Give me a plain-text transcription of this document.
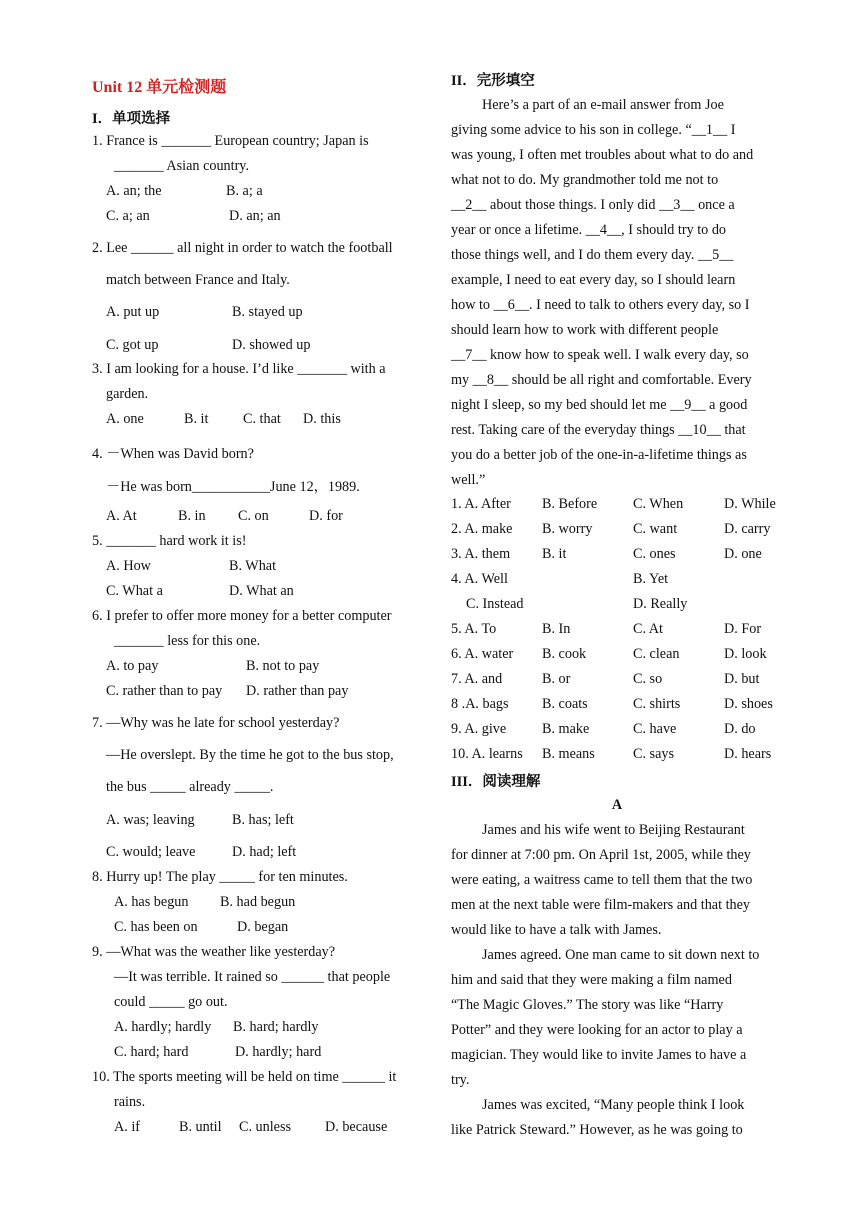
Unit 12 单元检测题
I．单项选择
1. France is _______ European country; Japan is
_______ Asian country.
A. an; the	B. a; a
C. a; an	D. an; an
2. Lee ______ all night in order to watch the football
match between France and Italy.
A. put up	B. stayed up
C. got up	D. showed up
3. I am looking for a house. I’d like _______ with a
garden.
A. one	B. it C. that D. this
4. －When was David born?
－He was born___________June 12，1989.
A. At	B. in C. on	D. for
5. _______ hard work it is!
A. How	B. What
C. What a	D. What an
6. I prefer to offer more money for a better computer
_______ less for this one.
A. to pay	B. not to pay
C. rather than to pay D. rather than pay
7. —Why was he late for school yesterday?
—He overslept. By the time he got to the bus stop,
the bus _____ already _____.
A. was; leaving	B. has; left
C. would; leave	D. had; left
8. Hurry up! The play _____ for ten minutes.
A. has begun B. had begun
C. has been on	D. began
9. —What was the weather like yesterday?
—It was terrible. It rained so ______ that people
could _____ go out.
A. hardly; hardly B. hard; hardly
C. hard; hard	D. hardly; hard
10. The sports meeting will be held on time ______ it
rains.
A. if	B. until C. unless D. because
II．完形填空
Here’s a part of an e-mail answer from Joe
giving some advice to his son in college. “__1__ I
was young, I often met troubles about what to do and
what not to do. My grandmother told me not to
__2__ about those things. I only did __3__ once a
year or once a lifetime. __4__, I should try to do
those things well, and I do them every day. __5__
example, I need to eat every day, so I should learn
how to __6__. I need to talk to others every day, so I
should learn how to work with different people
__7__ know how to speak well. I walk every day, so
my __8__ should be all right and comfortable. Every
night I sleep, so my bed should let me __9__ a good
rest. Taking care of the everyday things __10__ that
you do a better job of the one-in-a-lifetime things as
well.”
1. A. After B. Before	C. When	D. While
2. A. make B. worry	C. want	D. carry
3. A. them B. it	C. ones	D. one
4. A. Well	B. Yet
C. Instead	D. Really
5. A. To	B. In	C. At	D. For
6. A. water B. cook	C. clean	D. look
7. A. and	B. or	C. so	D. but
8 .A. bags B. coats	C. shirts	D. shoes
9. A. give	B. make	C. have	D. do
10. A. learns B. means	C. says	D. hears
III．阅读理解
A
James and his wife went to Beijing Restaurant
for dinner at 7:00 pm. On April 1st, 2005, while they
were eating, a waitress came to tell them that the two
men at the next table were film-makers and that they
would like to have a talk with James.
James agreed. One man came to sit down next to
him and said that they were making a film named
“The Magic Gloves.” The story was like “Harry
Potter” and they were looking for an actor to play a
magician. They would like to invite James to have a
try.
James was excited, “Many people think I look
like Patrick Steward.” However, as he was going to
